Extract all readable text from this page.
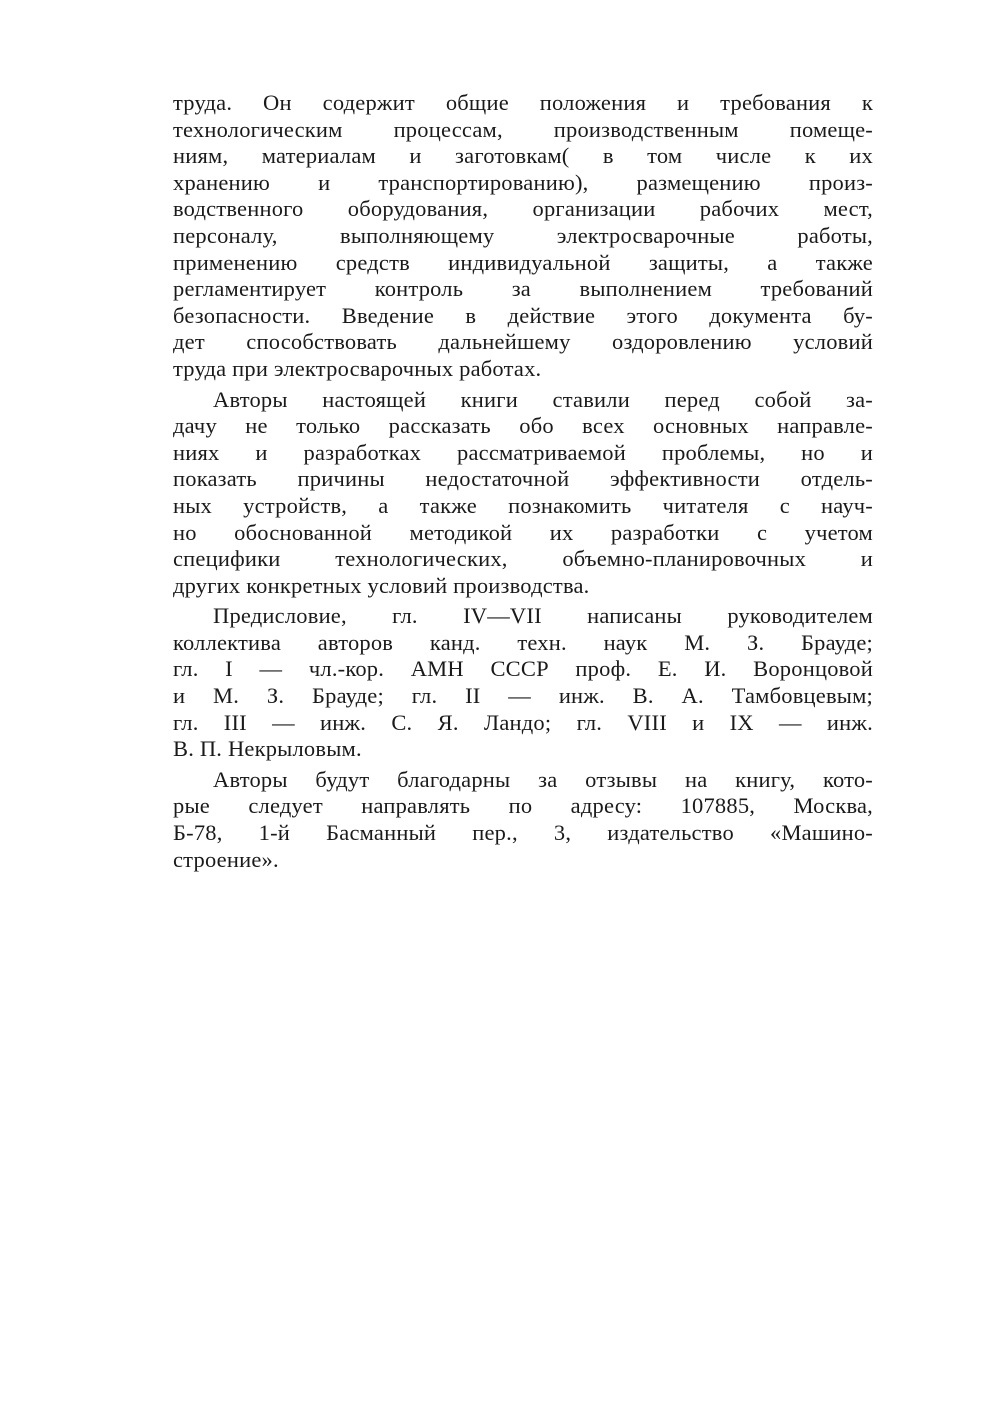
труда. Он содержит общие положения и требования к
технологическим процессам, производственным помеще-
ниям, материалам и заготовкам( в том числе к их
хранению и транспортированию), размещению произ-
водственного оборудования, организации рабочих мест,
персоналу, выполняющему электросварочные работы,
применению средств индивидуальной защиты, а также
регламентирует контроль за выполнением требований
безопасности. Введение в действие этого документа бу-
дет способствовать дальнейшему оздоровлению условий
труда при электросварочных работах.
Авторы настоящей книги ставили перед собой за-
дачу не только рассказать обо всех основных направле-
ниях и разработках рассматриваемой проблемы, но и
показать причины недостаточной эффективности отдель-
ных устройств, а также познакомить читателя с науч-
но обоснованной методикой их разработки с учетом
специфики технологических, объемно-планировочных и
других конкретных условий производства.
Предисловие, гл. IV—VII написаны руководителем
коллектива авторов канд. техн. наук М. З. Брауде;
гл. I — чл.-кор. АМН СССР проф. Е. И. Воронцовой
и М. З. Брауде; гл. II — инж. В. А. Тамбовцевым;
гл. III — инж. С. Я. Ландо; гл. VIII и IX — инж.
В. П. Некрыловым.
Авторы будут благодарны за отзывы на книгу, кото-
рые следует направлять по адресу: 107885, Москва,
Б-78, 1-й Басманный пер., 3, издательство «Машино-
строение».
